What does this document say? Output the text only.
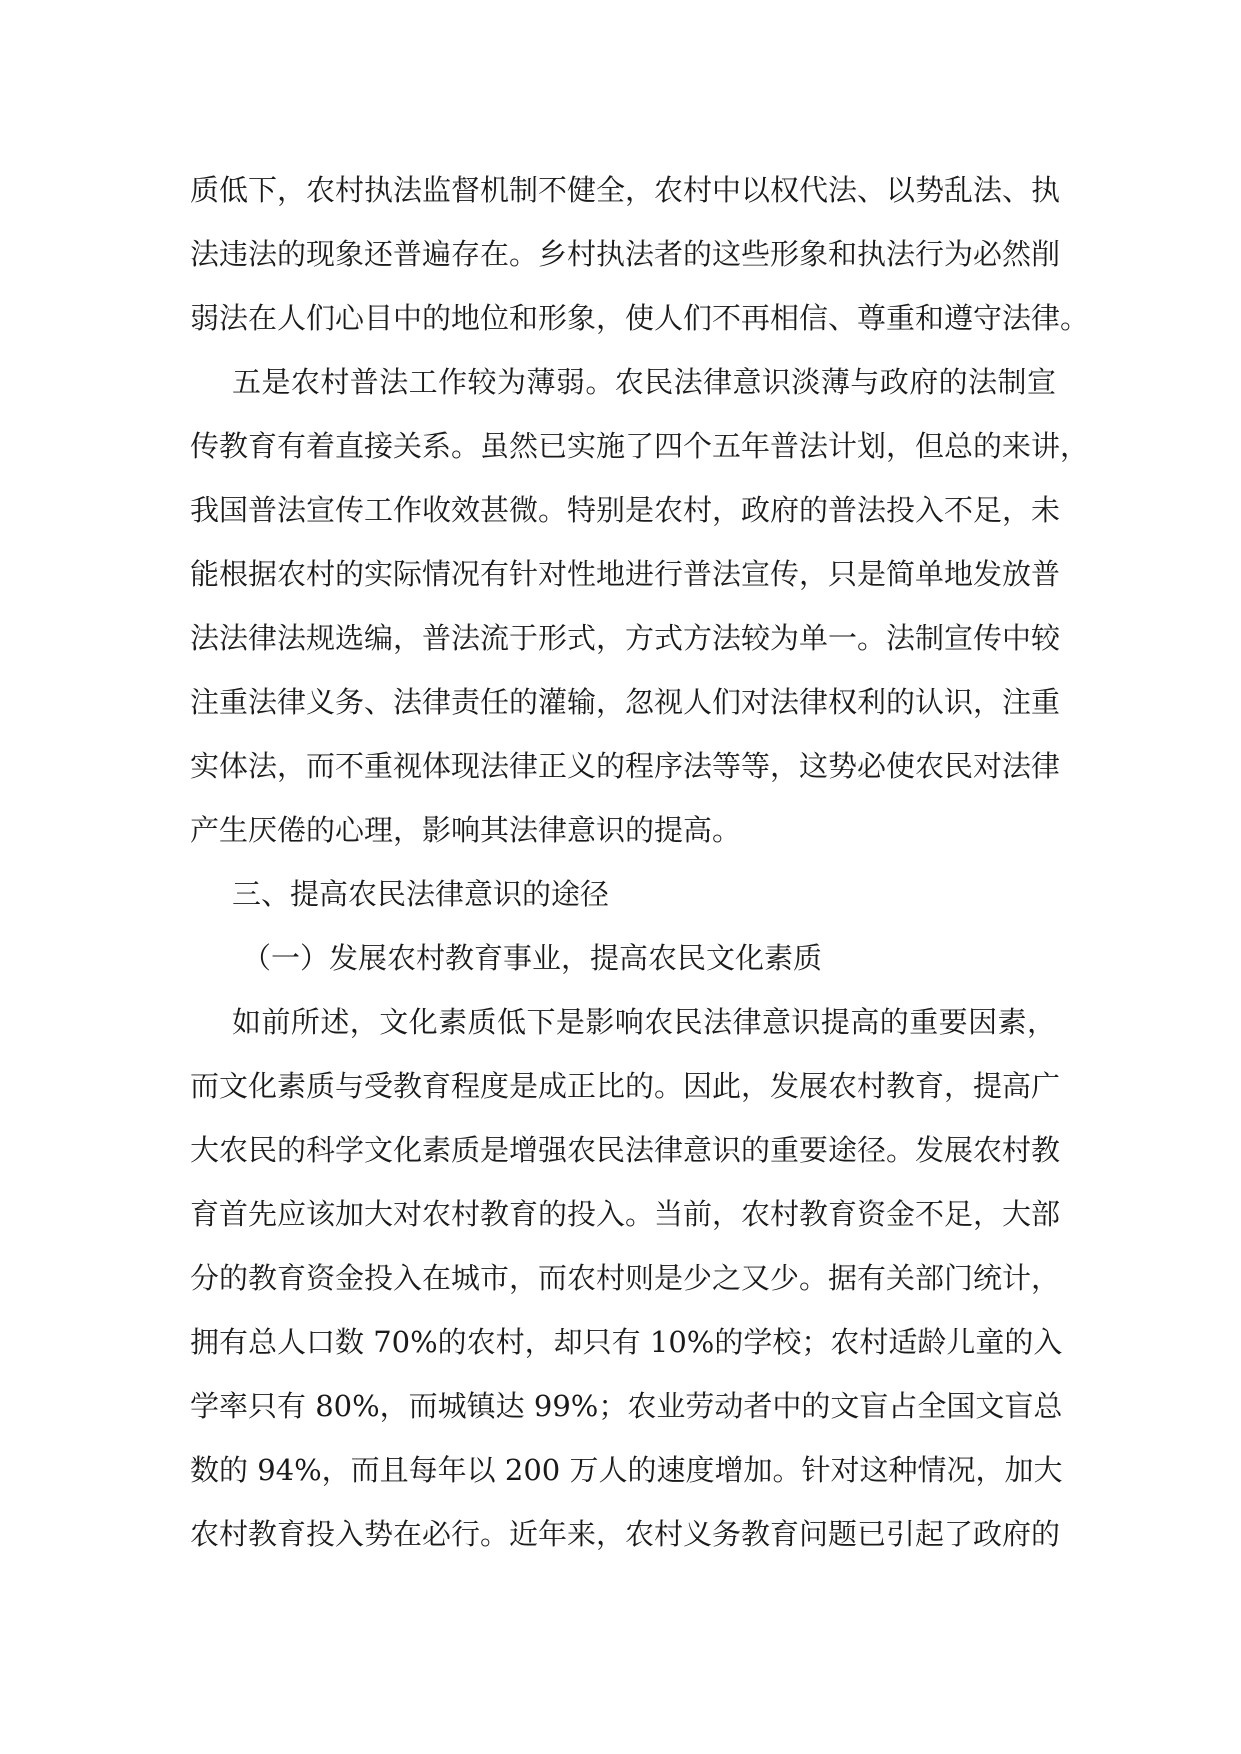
质低下，农村执法监督机制不健全，农村中以权代法、以势乱法、执
法违法的现象还普遍存在。乡村执法者的这些形象和执法行为必然削
弱法在人们心目中的地位和形象，使人们不再相信、尊重和遵守法律。
五是农村普法工作较为薄弱。农民法律意识淡薄与政府的法制宣
传教育有着直接关系。虽然已实施了四个五年普法计划，但总的来讲，
我国普法宣传工作收效甚微。特别是农村，政府的普法投入不足，未
能根据农村的实际情况有针对性地进行普法宣传，只是简单地发放普
法法律法规选编，普法流于形式，方式方法较为单一。法制宣传中较
注重法律义务、法律责任的灌输，忽视人们对法律权利的认识，注重
实体法，而不重视体现法律正义的程序法等等，这势必使农民对法律
产生厌倦的心理，影响其法律意识的提高。
三、提高农民法律意识的途径
（一）发展农村教育事业，提高农民文化素质
如前所述，文化素质低下是影响农民法律意识提高的重要因素，
而文化素质与受教育程度是成正比的。因此，发展农村教育，提高广
大农民的科学文化素质是增强农民法律意识的重要途径。发展农村教
育首先应该加大对农村教育的投入。当前，农村教育资金不足，大部
分的教育资金投入在城市，而农村则是少之又少。据有关部门统计，
拥有总人口数 70%的农村，却只有 10%的学校；农村适龄儿童的入
学率只有 80%，而城镇达 99%；农业劳动者中的文盲占全国文盲总
数的 94%，而且每年以 200 万人的速度增加。针对这种情况，加大
农村教育投入势在必行。近年来，农村义务教育问题已引起了政府的
